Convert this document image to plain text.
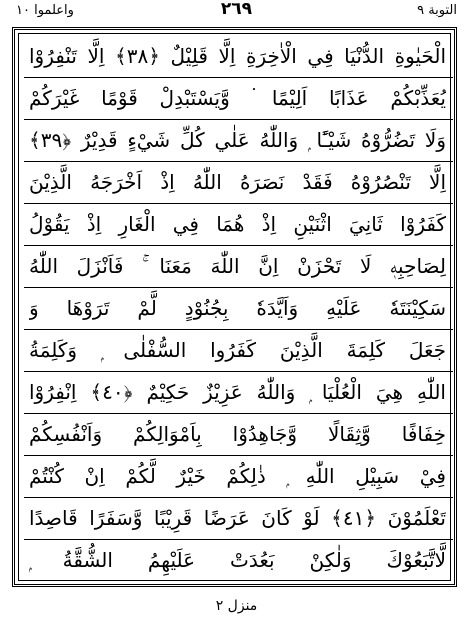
واعلموا ١٠	٢٦٩	التوبة ٩
الْحَيٰوةِ الدُّنْيَا فِي الْاٰخِرَةِ اِلَّا قَلِيْلٌ ﴿٣٨﴾ اِلَّا تَنْفِرُوْا
يُعَذِّبْكُمْ عَذَابًا اَلِيْمًا ۬ وَّيَسْتَبْدِلْ قَوْمًا غَيْرَكُمْ
وَلَا تَضُرُّوْهُ شَيْـًٔا ۭ وَاللّٰهُ عَلٰي كُلِّ شَيْءٍ قَدِيْرٌ ﴿٣٩﴾
اِلَّا تَنْصُرُوْهُ فَقَدْ نَصَرَهُ اللّٰهُ اِذْ اَخْرَجَهُ الَّذِيْنَ
كَفَرُوْا ثَانِيَ اثْنَيْنِ اِذْ هُمَا فِي الْغَارِ اِذْ يَقُوْلُ
لِصَاحِبِهٖ لَا تَحْزَنْ اِنَّ اللّٰهَ مَعَنَا ۚ فَاَنْزَلَ اللّٰهُ
سَكِيْنَتَهٗ عَلَيْهِ وَاَيَّدَهٗ بِجُنُوْدٍ لَّمْ تَرَوْهَا وَ
جَعَلَ كَلِمَةَ الَّذِيْنَ كَفَرُوا السُّفْلٰى ۭ وَكَلِمَةُ
اللّٰهِ هِيَ الْعُلْيَا ۭ وَاللّٰهُ عَزِيْزٌ حَكِيْمٌ ﴿٤٠﴾ اِنْفِرُوْا
خِفَافًا وَّثِقَالًا وَّجَاهِدُوْا بِاَمْوَالِكُمْ وَاَنْفُسِكُمْ
فِيْ سَبِيْلِ اللّٰهِ ۭ ذٰلِكُمْ خَيْرٌ لَّكُمْ اِنْ كُنْتُمْ
تَعْلَمُوْنَ ﴿٤١﴾ لَوْ كَانَ عَرَضًا قَرِيْبًا وَّسَفَرًا قَاصِدًا
لَّاتَّبَعُوْكَ وَلٰكِنْ بَعُدَتْ عَلَيْهِمُ الشُّقَّةُ ۭ
منزل ٢
